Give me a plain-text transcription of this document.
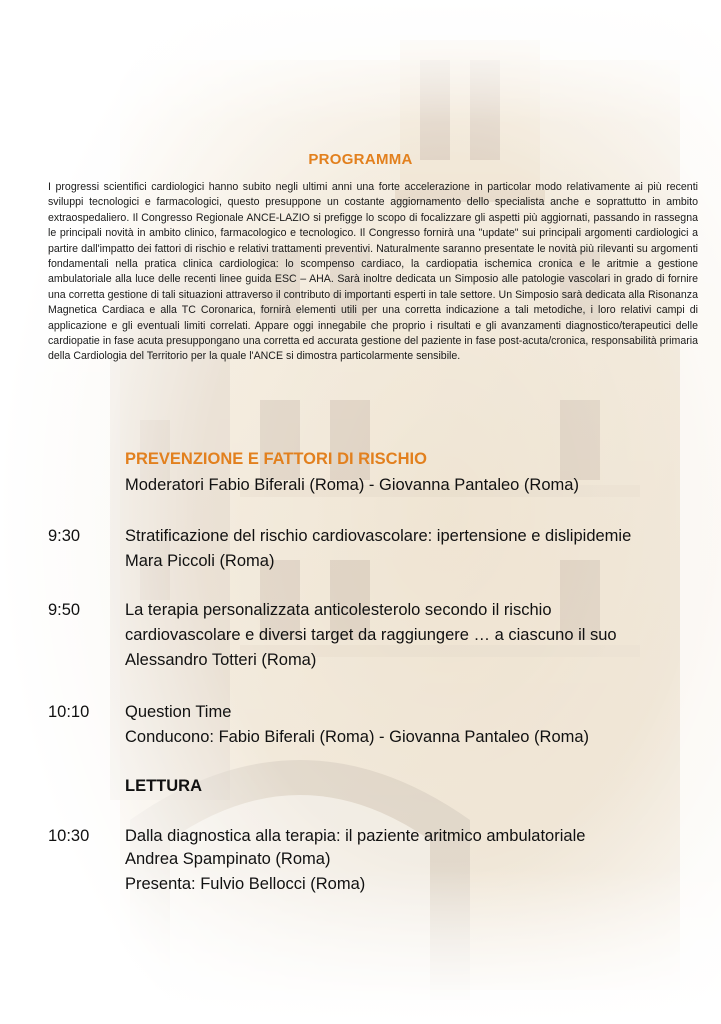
PROGRAMMA
I progressi scientifici cardiologici hanno subito negli ultimi anni una forte accelerazione in particolar modo relativamente ai più recenti sviluppi tecnologici e farmacologici, questo presuppone un costante aggiornamento dello specialista anche e soprattutto in ambito extraospedaliero. Il Congresso Regionale ANCE-LAZIO si prefigge lo scopo di focalizzare gli aspetti più aggiornati, passando in rassegna le principali novità in ambito clinico, farmacologico e tecnologico. Il Congresso fornirà una "update" sui principali argomenti cardiologici a partire dall'impatto dei fattori di rischio e relativi trattamenti preventivi. Naturalmente saranno presentate le novità più rilevanti su argomenti fondamentali nella pratica clinica cardiologica: lo scompenso cardiaco, la cardiopatia ischemica cronica e le aritmie a gestione ambulatoriale alla luce delle recenti linee guida ESC – AHA. Sarà inoltre dedicata un Simposio alle patologie vascolari in grado di fornire una corretta gestione di tali situazioni attraverso il contributo di importanti esperti in tale settore. Un Simposio sarà dedicata alla Risonanza Magnetica Cardiaca e alla TC Coronarica, fornirà elementi utili per una corretta indicazione a tali metodiche, i loro relativi campi di applicazione e gli eventuali limiti correlati. Appare oggi innegabile che proprio i risultati e gli avanzamenti diagnostico/terapeutici delle cardiopatie in fase acuta presuppongano una corretta ed accurata gestione del paziente in fase post-acuta/cronica, responsabilità primaria della Cardiologia del Territorio per la quale l'ANCE si dimostra particolarmente sensibile.
PREVENZIONE E FATTORI DI RISCHIO
Moderatori Fabio Biferali (Roma) - Giovanna Pantaleo (Roma)
9:30	Stratificazione del rischio cardiovascolare: ipertensione e dislipidemie
Mara Piccoli (Roma)
9:50	La terapia personalizzata anticolesterolo secondo il rischio
cardiovascolare e diversi target da raggiungere … a ciascuno il suo
Alessandro Totteri (Roma)
10:10 Question Time
Conducono: Fabio Biferali (Roma) - Giovanna Pantaleo (Roma)
LETTURA
10:30 Dalla diagnostica alla terapia: il paziente aritmico ambulatoriale
Andrea Spampinato (Roma)
Presenta: Fulvio Bellocci (Roma)
